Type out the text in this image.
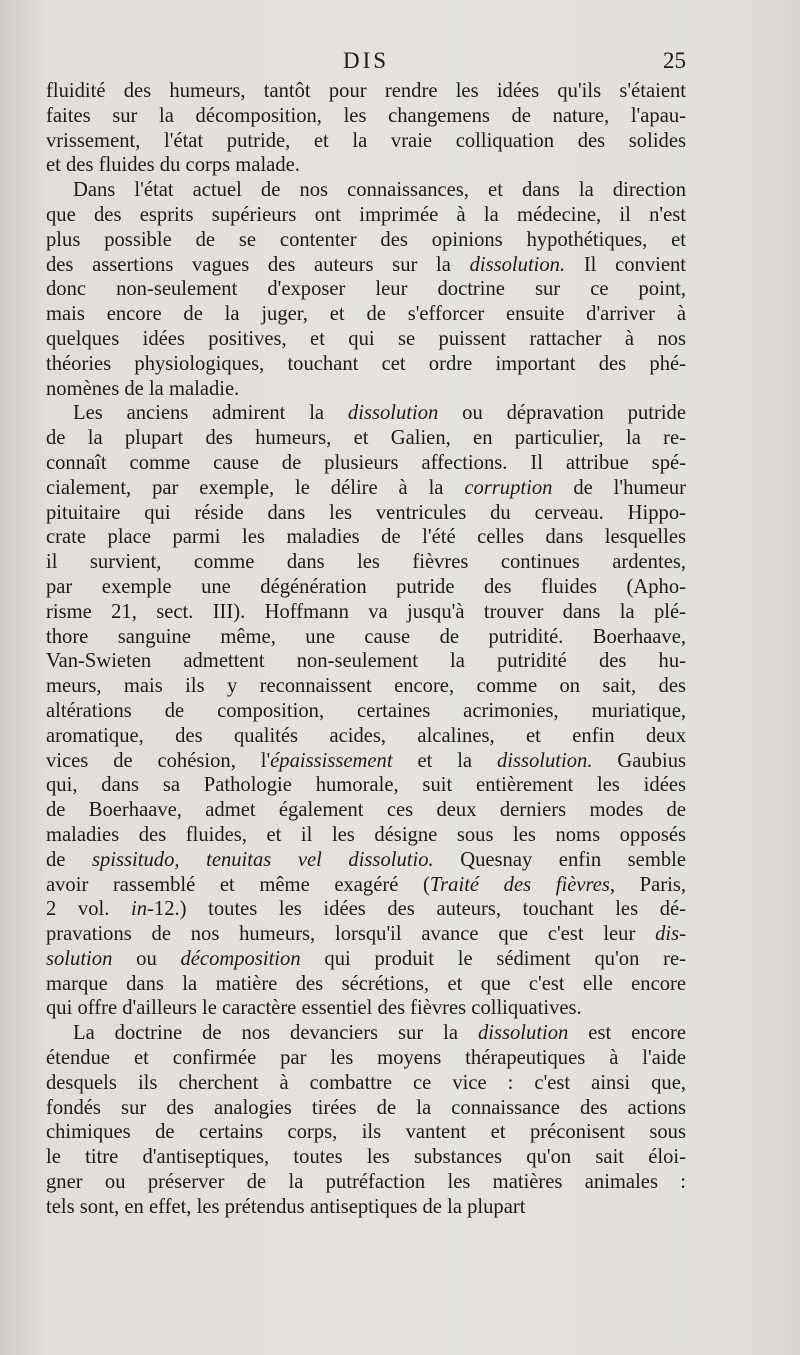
DIS	25
fluidité des humeurs, tantôt pour rendre les idées qu'ils s'étaient
faites sur la décomposition, les changemens de nature, l'apau-
vrissement, l'état putride, et la vraie colliquation des solides
et des fluides du corps malade.
Dans l'état actuel de nos connaissances, et dans la direction
que des esprits supérieurs ont imprimée à la médecine, il n'est
plus possible de se contenter des opinions hypothétiques, et
des assertions vagues des auteurs sur la dissolution. Il convient
donc non-seulement d'exposer leur doctrine sur ce point,
mais encore de la juger, et de s'efforcer ensuite d'arriver à
quelques idées positives, et qui se puissent rattacher à nos
théories physiologiques, touchant cet ordre important des phé-
nomènes de la maladie.
Les anciens admirent la dissolution ou dépravation putride
de la plupart des humeurs, et Galien, en particulier, la re-
connaît comme cause de plusieurs affections. Il attribue spé-
cialement, par exemple, le délire à la corruption de l'humeur
pituitaire qui réside dans les ventricules du cerveau. Hippo-
crate place parmi les maladies de l'été celles dans lesquelles
il survient, comme dans les fièvres continues ardentes,
par exemple une dégénération putride des fluides (Apho-
risme 21, sect. III). Hoffmann va jusqu'à trouver dans la plé-
thore sanguine même, une cause de putridité. Boerhaave,
Van-Swieten admettent non-seulement la putridité des hu-
meurs, mais ils y reconnaissent encore, comme on sait, des
altérations de composition, certaines acrimonies, muriatique,
aromatique, des qualités acides, alcalines, et enfin deux
vices de cohésion, l'épaississement et la dissolution. Gaubius
qui, dans sa Pathologie humorale, suit entièrement les idées
de Boerhaave, admet également ces deux derniers modes de
maladies des fluides, et il les désigne sous les noms opposés
de spissitudo, tenuitas vel dissolutio. Quesnay enfin semble
avoir rassemblé et même exagéré (Traité des fièvres, Paris,
2 vol. in-12.) toutes les idées des auteurs, touchant les dé-
pravations de nos humeurs, lorsqu'il avance que c'est leur dis-
solution ou décomposition qui produit le sédiment qu'on re-
marque dans la matière des sécrétions, et que c'est elle encore
qui offre d'ailleurs le caractère essentiel des fièvres colliquatives.
La doctrine de nos devanciers sur la dissolution est encore
étendue et confirmée par les moyens thérapeutiques à l'aide
desquels ils cherchent à combattre ce vice : c'est ainsi que,
fondés sur des analogies tirées de la connaissance des actions
chimiques de certains corps, ils vantent et préconisent sous
le titre d'antiseptiques, toutes les substances qu'on sait éloi-
gner ou préserver de la putréfaction les matières animales :
tels sont, en effet, les prétendus antiseptiques de la plupart
